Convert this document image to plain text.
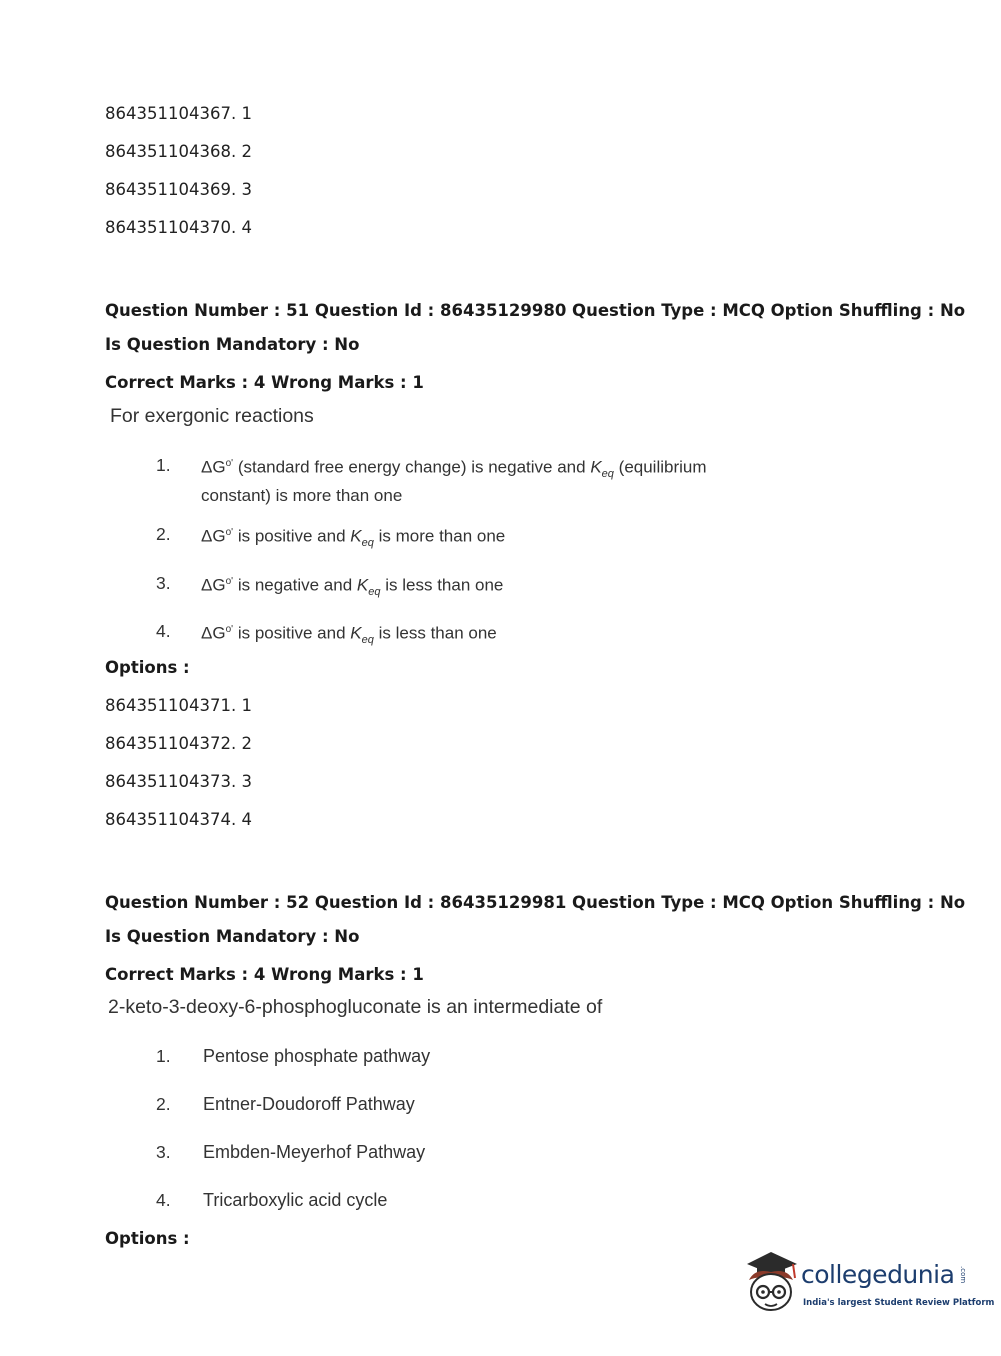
864351104367. 1
864351104368. 2
864351104369. 3
864351104370. 4
Question Number : 51 Question Id : 86435129980 Question Type : MCQ Option Shuffling : No
Is Question Mandatory : No
Correct Marks : 4 Wrong Marks : 1
For exergonic reactions
1. $\Delta G^{o'}$ (standard free energy change) is negative and $K_{eq}$ (equilibrium
constant) is more than one
2. $\Delta G^{o'}$ is positive and $K_{eq}$ is more than one
3. $\Delta G^{o'}$ is negative and $K_{eq}$ is less than one
4. $\Delta G^{o'}$ is positive and $K_{eq}$ is less than one
Options :
864351104371. 1
864351104372. 2
864351104373. 3
864351104374. 4
Question Number : 52 Question Id : 86435129981 Question Type : MCQ Option Shuffling : No
Is Question Mandatory : No
Correct Marks : 4 Wrong Marks : 1
2-keto-3-deoxy-6-phosphogluconate is an intermediate of
1. Pentose phosphate pathway
2. Entner-Doudoroff Pathway
3. Embden-Meyerhof Pathway
4. Tricarboxylic acid cycle
Options :
collegedunia .com
India's largest Student Review Platform
